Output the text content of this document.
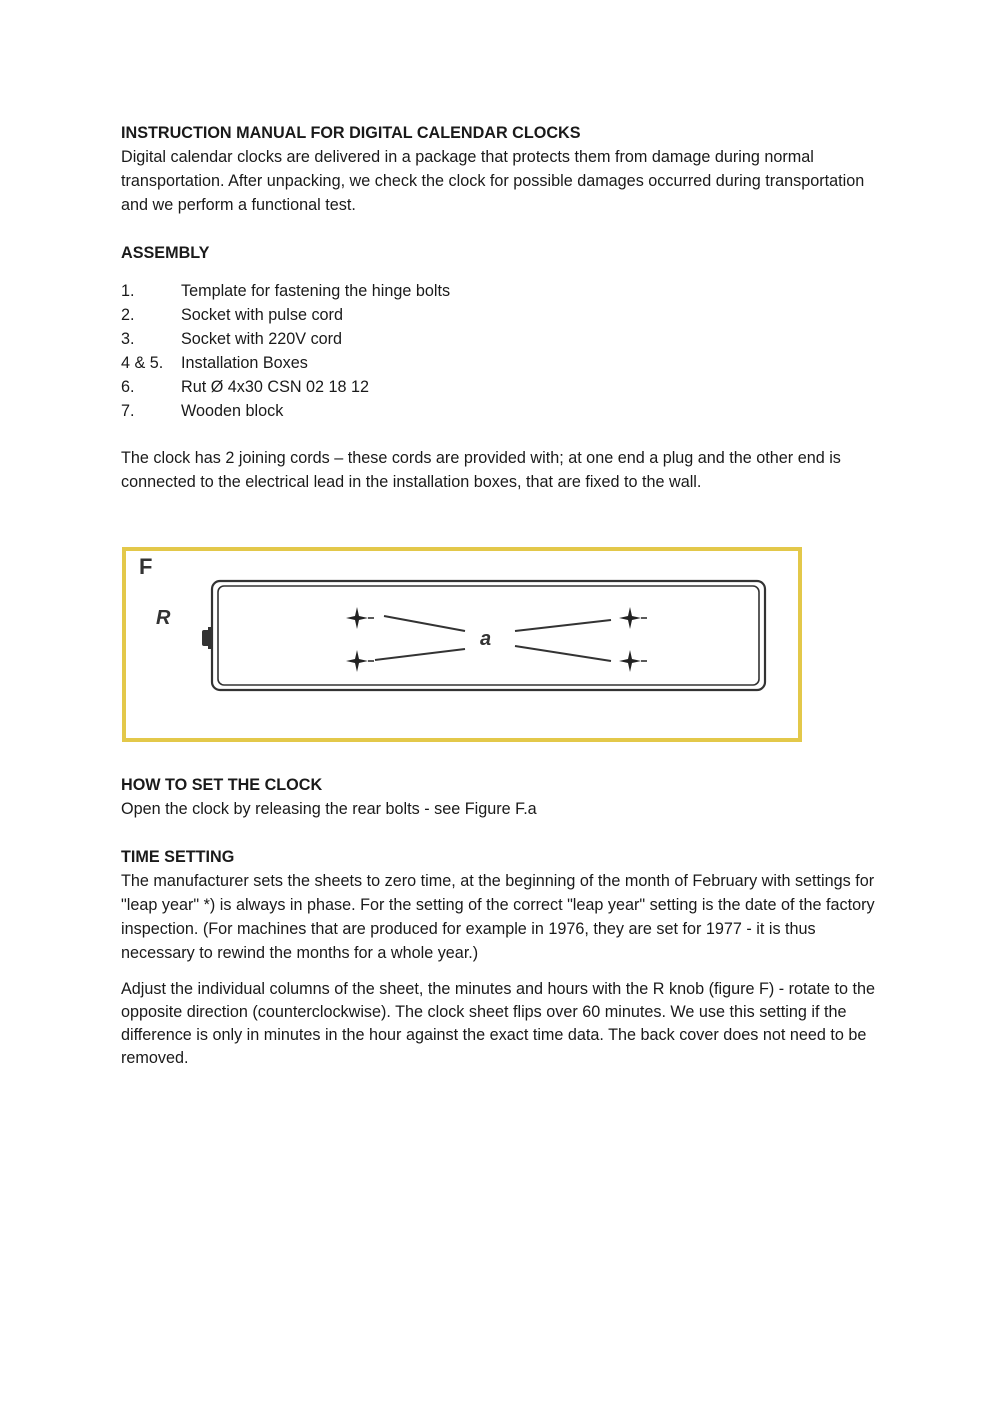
INSTRUCTION MANUAL FOR DIGITAL CALENDAR CLOCKS

Digital calendar clocks are delivered in a package that protects them from damage during normal transportation. After unpacking, we check the clock for possible damages occurred during transportation and we perform a functional test.

ASSEMBLY
1.	Template for fastening the hinge bolts
2.	Socket with pulse cord
3.	Socket with 220V cord
4 & 5.	Installation Boxes
6.	Rut Ø 4x30 CSN 02 18 12
7.	Wooden block

The clock has 2 joining cords – these cords are provided with; at one end a plug and the other end is connected to the electrical lead in the installation boxes, that are fixed to the wall.

F
R
a
HOW TO SET THE CLOCK

Open the clock by releasing the rear bolts - see Figure F.a

TIME SETTING

The manufacturer sets the sheets to zero time, at the beginning of the month of February with settings for "leap year" *) is always in phase. For the setting of the correct "leap year" setting is the date of the factory inspection. (For machines that are produced for example in 1976, they are set for 1977 - it is thus necessary to rewind the months for a whole year.)

Adjust the individual columns of the sheet, the minutes and hours with the R knob (figure F) - rotate to the opposite direction (counterclockwise). The clock sheet flips over 60 minutes. We use this setting if the difference is only in minutes in the hour against the exact time data. The back cover does not need to be removed.
